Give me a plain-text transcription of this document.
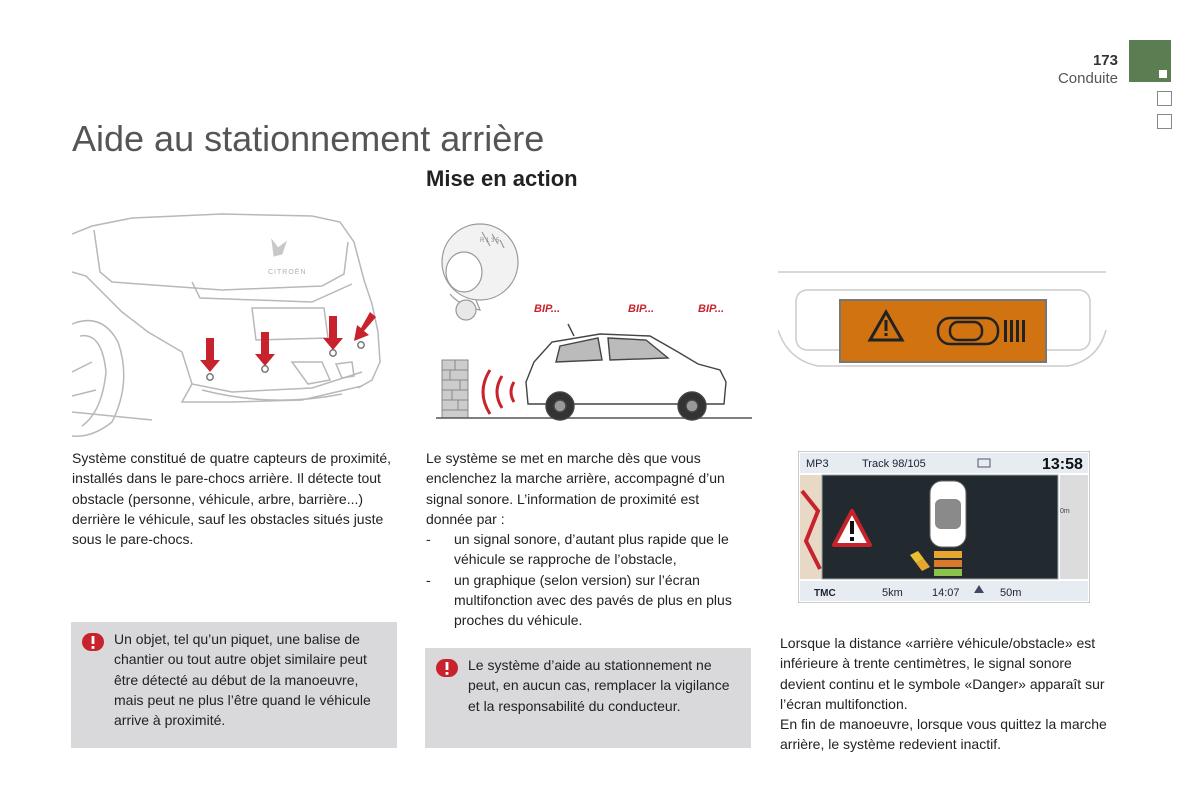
173
Conduite
Aide au stationnement arrière
Mise en action
CITROËN
R 1 3 5
BIP...	BIP...	BIP...
MP3	Track 98/105	13:58
0m
TMC	5km	14:07	50m

Système constitué de quatre capteurs de proximité, installés dans le pare-chocs arrière. Il détecte tout obstacle (personne, véhicule, arbre, barrière...) derrière le véhicule, sauf les obstacles situés juste sous le pare-chocs.

Un objet, tel qu’un piquet, une balise de chantier ou tout autre objet similaire peut être détecté au début de la manoeuvre, mais peut ne plus l’être quand le véhicule arrive à proximité.

Le système se met en marche dès que vous enclenchez la marche arrière, accompagné d’un signal sonore. L’information de proximité est donnée par :

-	un signal sonore, d’autant plus rapide que le véhicule se rapproche de l’obstacle,
-	un graphique (selon version) sur l’écran multifonction avec des pavés de plus en plus proches du véhicule.
Le système d’aide au stationnement ne peut, en aucun cas, remplacer la vigilance et la responsabilité du conducteur.

Lorsque la distance «arrière véhicule/obstacle» est inférieure à trente centimètres, le signal sonore devient continu et le symbole «Danger» apparaît sur l’écran multifonction.

En fin de manoeuvre, lorsque vous quittez la marche arrière, le système redevient inactif.
